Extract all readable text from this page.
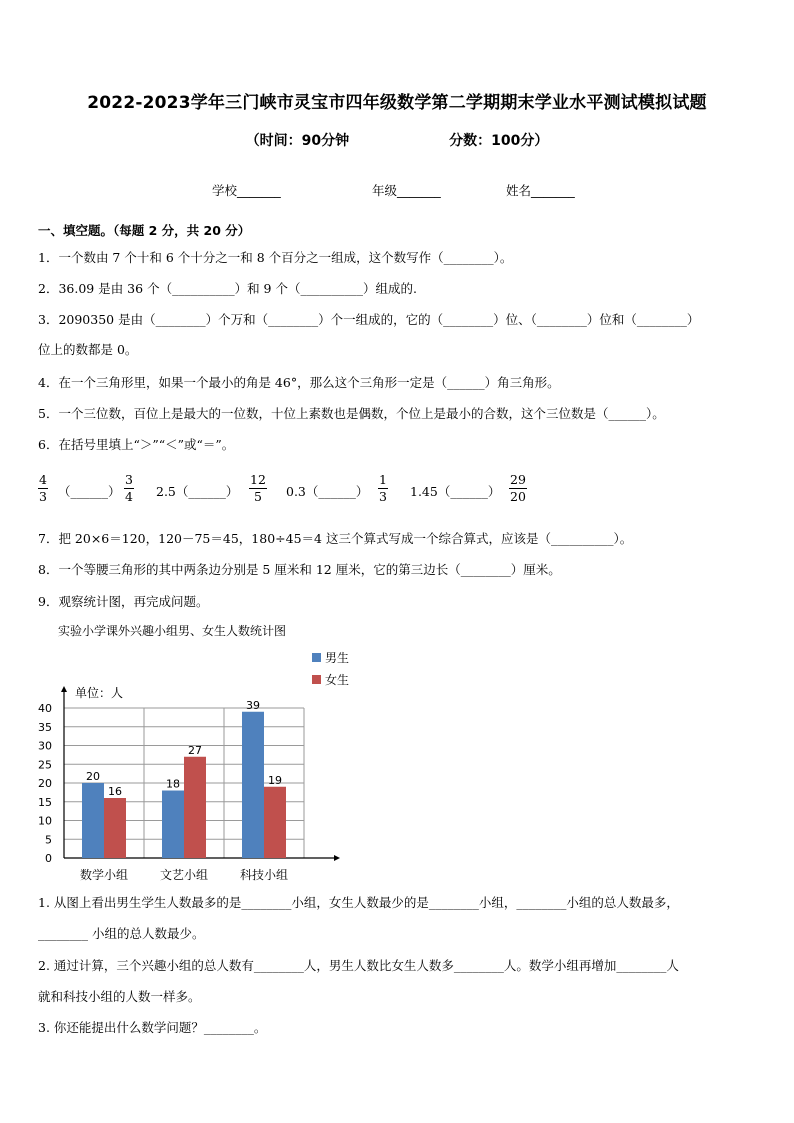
2022-2023学年三门峡市灵宝市四年级数学第二学期期末学业水平测试模拟试题
（时间：90分钟	分数：100分）
学校_______	年级_______	姓名_______
一、填空题。（每题 2 分，共 20 分）
1．一个数由 7 个十和 6 个十分之一和 8 个百分之一组成，这个数写作（________）。
2．36.09 是由 36 个（__________）和 9 个（__________）组成的.
3．2090350 是由（________）个万和（________）个一组成的，它的（________）位、（________）位和（________）
位上的数都是 0。
4．在一个三角形里，如果一个最小的角是 46°，那么这个三角形一定是（______）角三角形。
5．一个三位数，百位上是最大的一位数，十位上素数也是偶数，个位上是最小的合数，这个三位数是（______）。
6．在括号里填上“＞”“＜”或“＝”。
$\frac{4}{3}$ （______） $\frac{3}{4}$ 2.5（______） $\frac{12}{5}$ 0.3（______） $\frac{1}{3}$ 1.45（______） $\frac{29}{20}$
7．把 20×6＝120，120－75＝45，180÷45＝4 这三个算式写成一个综合算式，应该是（__________）。
8．一个等腰三角形的其中两条边分别是 5 厘米和 12 厘米，它的第三边长（________）厘米。
9．观察统计图，再完成问题。
实验小学课外兴趣小组男、女生人数统计图
单位：人
0
5
10
15
20
25
30
35
40
20
16
数学小组
18
27
文艺小组
39
19
科技小组
男生
女生
1. 从图上看出男生学生人数最多的是________小组，女生人数最少的是________小组，________小组的总人数最多，
________ 小组的总人数最少。
2. 通过计算，三个兴趣小组的总人数有________人，男生人数比女生人数多________人。数学小组再增加________人
就和科技小组的人数一样多。
3. 你还能提出什么数学问题？________。
